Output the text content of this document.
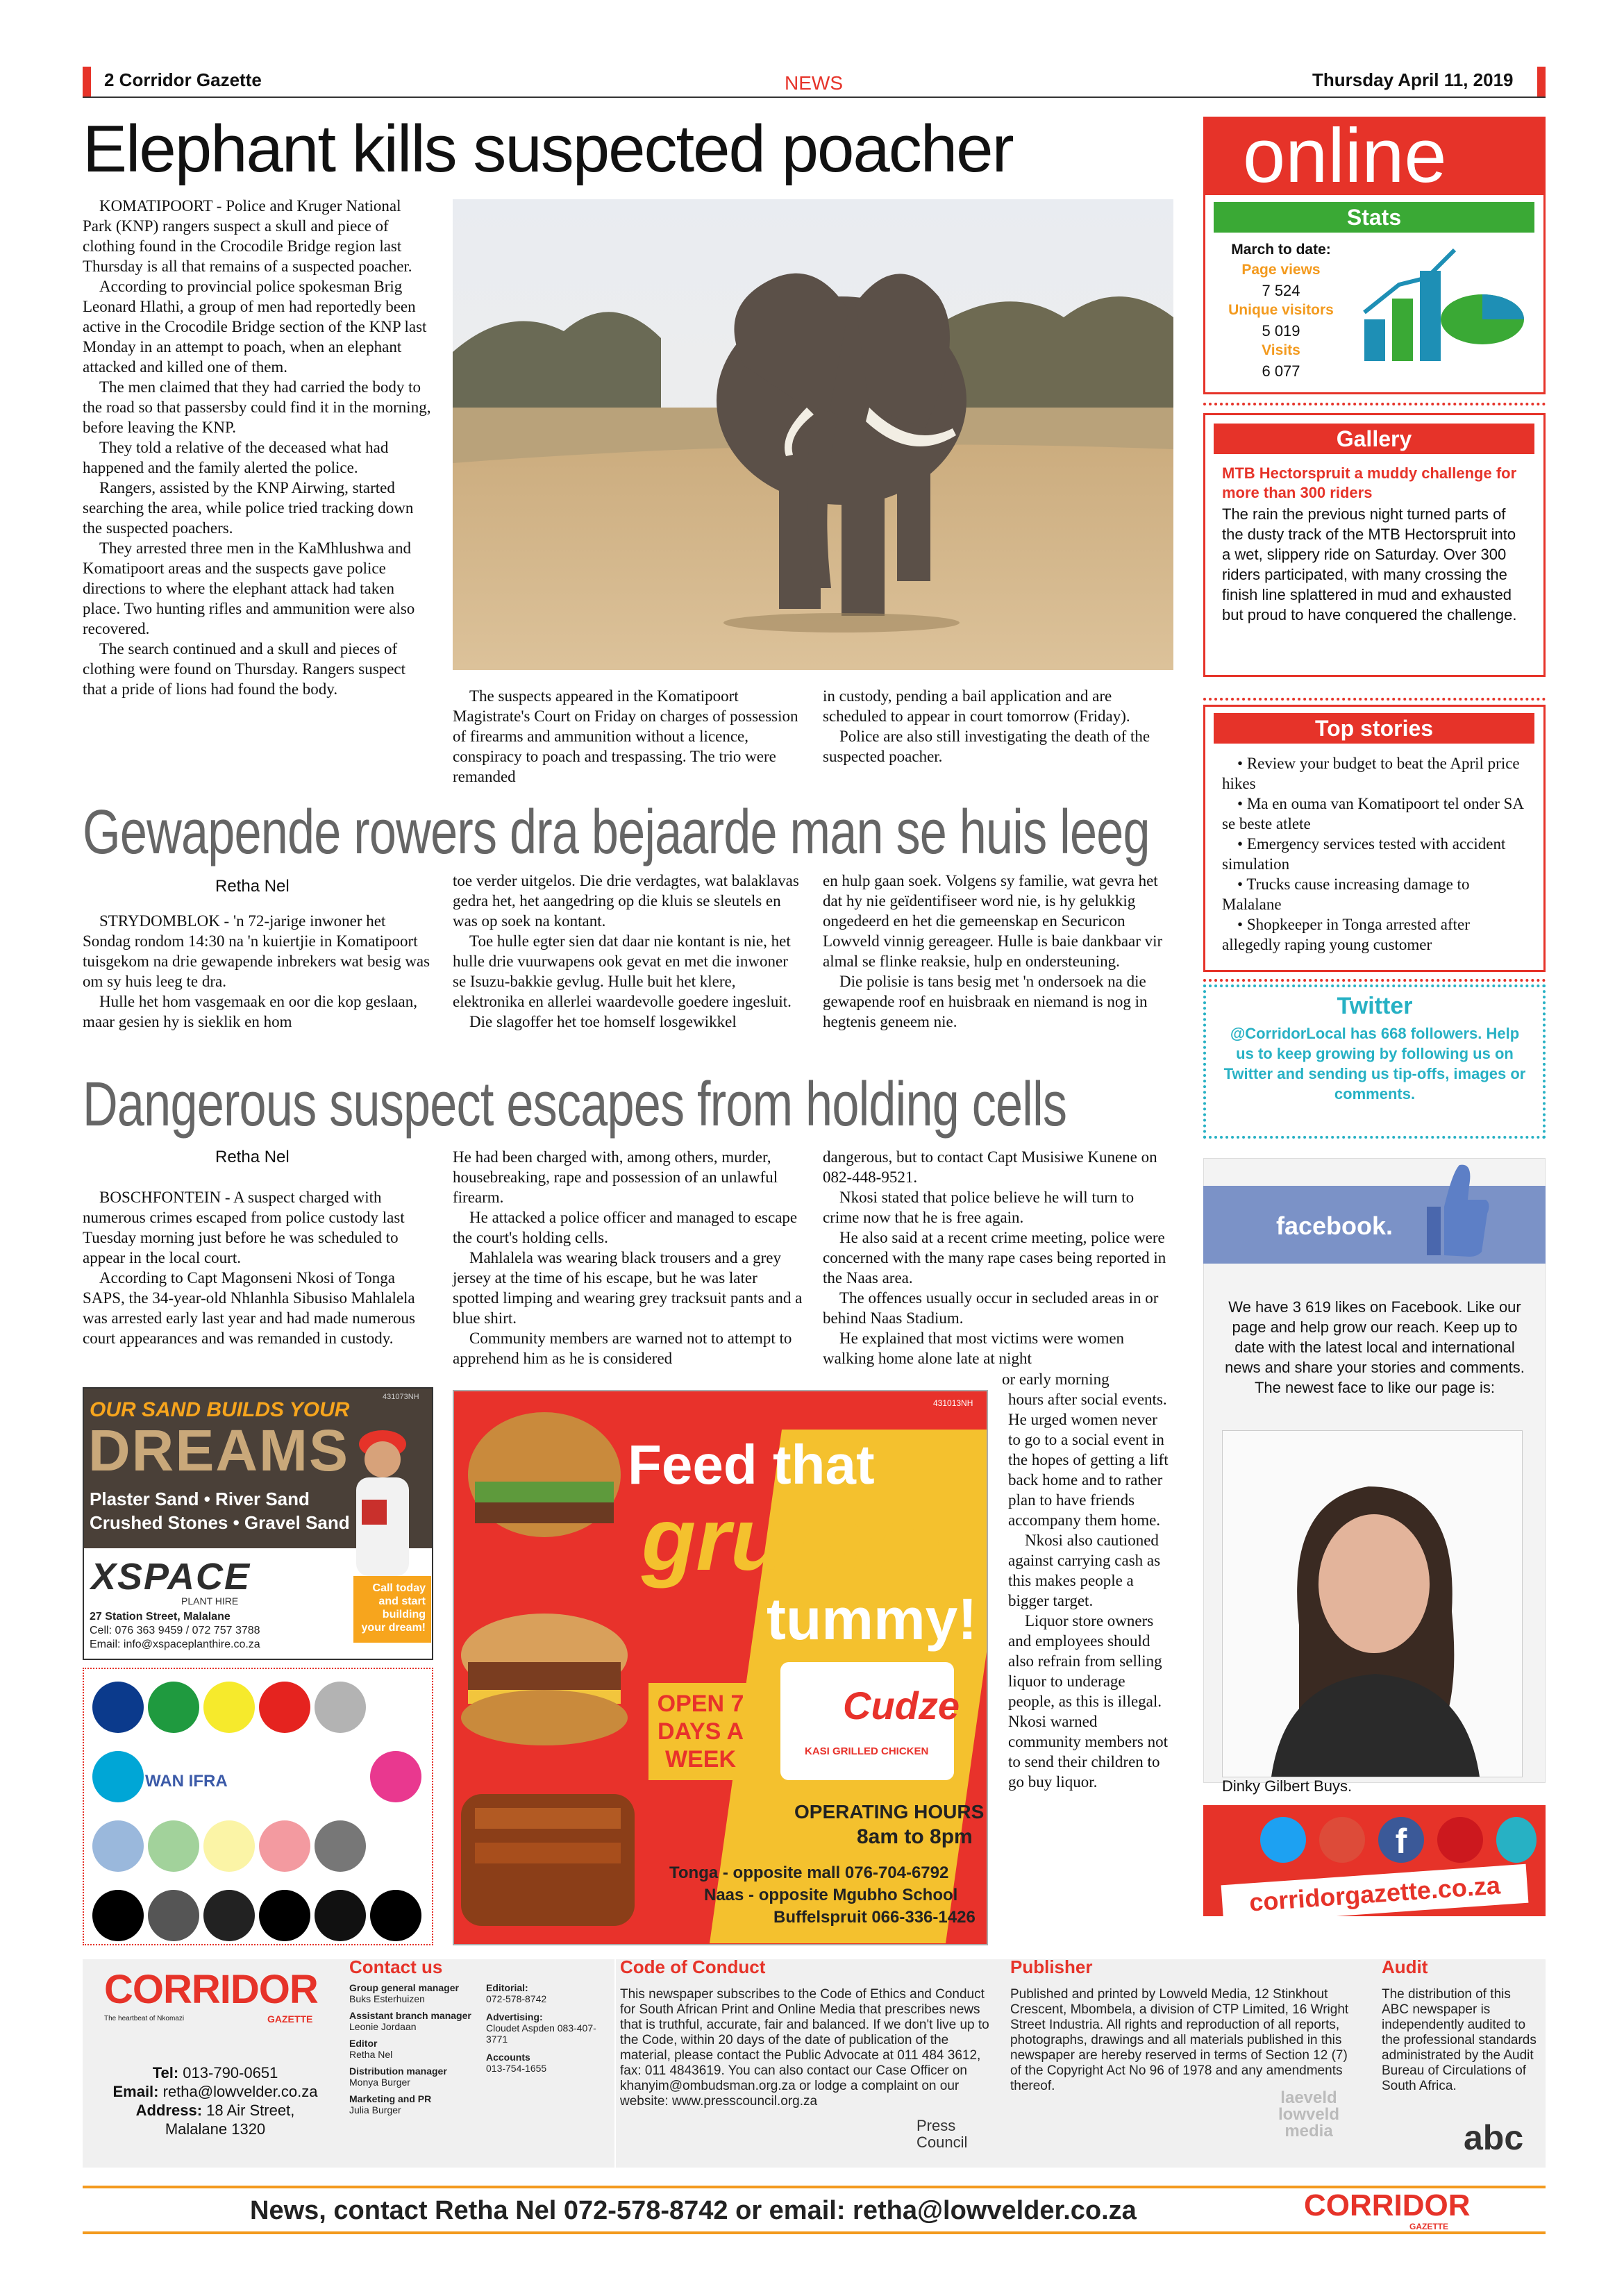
2 Corridor Gazette	NEWS	Thursday April 11, 2019
Elephant kills suspected poacher

KOMATIPOORT - Police and Kruger National Park (KNP) rangers suspect a skull and piece of clothing found in the Crocodile Bridge region last Thursday is all that remains of a suspected poacher.

According to provincial police spokesman Brig Leonard Hlathi, a group of men had reportedly been active in the Crocodile Bridge section of the KNP last Monday in an attempt to poach, when an elephant attacked and killed one of them.

The men claimed that they had carried the body to the road so that passersby could find it in the morning, before leaving the KNP.

They told a relative of the deceased what had happened and the family alerted the police.

Rangers, assisted by the KNP Airwing, started searching the area, while police tried tracking down the suspected poachers.

They arrested three men in the KaMhlushwa and Komatipoort areas and the suspects gave police directions to where the elephant attack had taken place. Two hunting rifles and ammunition were also recovered.

The search continued and a skull and pieces of clothing were found on Thursday. Rangers suspect that a pride of lions had found the body.	The suspects appeared in the Komatipoort Magistrate's Court on Friday on charges of possession of firearms and ammunition without a licence, conspiracy to poach and trespassing. The trio were remanded

in custody, pending a bail application and are scheduled to appear in court tomorrow (Friday).

Police are also still investigating the death of the suspected poacher.

Gewapende rowers dra bejaarde man se huis leeg
Retha Nel

STRYDOMBLOK - 'n 72-jarige inwoner het Sondag rondom 14:30 na 'n kuiertjie in Komatipoort tuisgekom na drie gewapende inbrekers wat besig was om sy huis leeg te dra.

Hulle het hom vasgemaak en oor die kop geslaan, maar gesien hy is sieklik en hom

toe verder uitgelos. Die drie verdagtes, wat balaklavas gedra het, het aangedring op die kluis se sleutels en was op soek na kontant.

Toe hulle egter sien dat daar nie kontant is nie, het hulle drie vuurwapens ook gevat en met die inwoner se Isuzu-bakkie gevlug. Hulle buit het klere, elektronika en allerlei waardevolle goedere ingesluit.

Die slagoffer het toe homself losgewikkel

en hulp gaan soek. Volgens sy familie, wat gevra het dat hy nie geïdentifiseer word nie, is hy gelukkig ongedeerd en het die gemeenskap en Securicon Lowveld vinnig gereageer. Hulle is baie dankbaar vir almal se flinke reaksie, hulp en ondersteuning.

Die polisie is tans besig met 'n ondersoek na die gewapende roof en huisbraak en niemand is nog in hegtenis geneem nie.

Dangerous suspect escapes from holding cells
Retha Nel

BOSCHFONTEIN - A suspect charged with numerous crimes escaped from police custody last Tuesday morning just before he was scheduled to appear in the local court.

According to Capt Magonseni Nkosi of Tonga SAPS, the 34-year-old Nhlanhla Sibusiso Mahlalela was arrested early last year and had made numerous court appearances and was remanded in custody.

He had been charged with, among others, murder, housebreaking, rape and possession of an unlawful firearm.

He attacked a police officer and managed to escape the court's holding cells.

Mahlalela was wearing black trousers and a grey jersey at the time of his escape, but he was later spotted limping and wearing grey tracksuit pants and a blue shirt.

Community members are warned not to attempt to apprehend him as he is considered

dangerous, but to contact Capt Musisiwe Kunene on 082-448-9521.

Nkosi stated that police believe he will turn to crime now that he is free again.

He also said at a recent crime meeting, police were concerned with the many rape cases being reported in the Naas area.

The offences usually occur in secluded areas in or behind Naas Stadium.

He explained that most victims were women walking home alone late at night

or early morning

hours after social events. He urged women never to go to a social event in the hopes of getting a lift back home and to rather plan to have friends accompany them home.

Nkosi also cautioned against carrying cash as this makes people a bigger target.

Liquor store owners and employees should also refrain from selling liquor to underage people, as this is illegal. Nkosi warned community members not to send their children to go buy liquor.

431073NH
OUR SAND BUILDS YOUR
DREAMS
Plaster Sand • River Sand
Crushed Stones • Gravel Sand
XSPACE
PLANT HIRE
Call today and start building your dream!
27 Station Street, Malalane
Cell: 076 363 9459 / 072 757 3788
Email: info@xspaceplanthire.co.za
WAN IFRA
431013NH
Feed that
grumpy
tummy!
OPEN 7 DAYS A WEEK
Cudze
KASI GRILLED CHICKEN
OPERATING HOURS
8am to 8pm
Tonga - opposite mall 076-704-6792
Naas - opposite Mgubho School
Buffelspruit 066-336-1426
online
Stats
March to date:
Page views
7 524
Unique visitors
5 019
Visits
6 077
Gallery
MTB Hectorspruit a muddy challenge for more than 300 riders
The rain the previous night turned parts of the dusty track of the MTB Hectorspruit into a wet, slippery ride on Saturday. Over 300 riders participated, with many crossing the finish line splattered in mud and exhausted but proud to have conquered the challenge.
Top stories

• Review your budget to beat the April price hikes

• Ma en ouma van Komatipoort tel onder SA se beste atlete

• Emergency services tested with accident simulation

• Trucks cause increasing damage to Malalane

• Shopkeeper in Tonga arrested after allegedly raping young customer

Twitter
@CorridorLocal has 668 followers. Help us to keep growing by following us on Twitter and sending us tip-offs, images or comments.
facebook.
We have 3 619 likes on Facebook. Like our page and help grow our reach. Keep up to date with the latest local and international news and share your stories and comments. The newest face to like our page is:
Dinky Gilbert Buys.
f
corridorgazette.co.za
CORRIDOR
GAZETTE
The heartbeat of Nkomazi
Tel: 013-790-0651
Email: retha@lowvelder.co.za
Address: 18 Air Street,
Malalane 1320
Contact us
Group general manager
Buks Esterhuizen
Assistant branch manager
Leonie Jordaan
Editor
Retha Nel
Distribution manager
Monya Burger
Marketing and PR
Julia Burger
Editorial:
072-578-8742
Advertising:
Cloudet Aspden 083-407-3771
Accounts
013-754-1655
Code of Conduct
This newspaper subscribes to the Code of Ethics and Conduct for South African Print and Online Media that prescribes news that is truthful, accurate, fair and balanced. If we don't live up to the Code, within 20 days of the date of publication of the material, please contact the Public Advocate at 011 484 3612, fax: 011 4843619. You can also contact our Case Officer on khanyim@ombudsman.org.za or lodge a complaint on our website: www.presscouncil.org.za
Press Council
Publisher
Published and printed by Lowveld Media, 12 Stinkhout Crescent, Mbombela, a division of CTP Limited, 16 Wright Street Industria. All rights and reproduction of all reports, photographs, drawings and all materials published in this newspaper are hereby reserved in terms of Section 12 (7) of the Copyright Act No 96 of 1978 and any amendments thereof.
laeveld lowveld media
Audit
The distribution of this ABC newspaper is independently audited to the professional standards administrated by the Audit Bureau of Circulations of South Africa.
abc
News, contact Retha Nel 072-578-8742 or email: retha@lowvelder.co.za	CORRIDOR
GAZETTE
